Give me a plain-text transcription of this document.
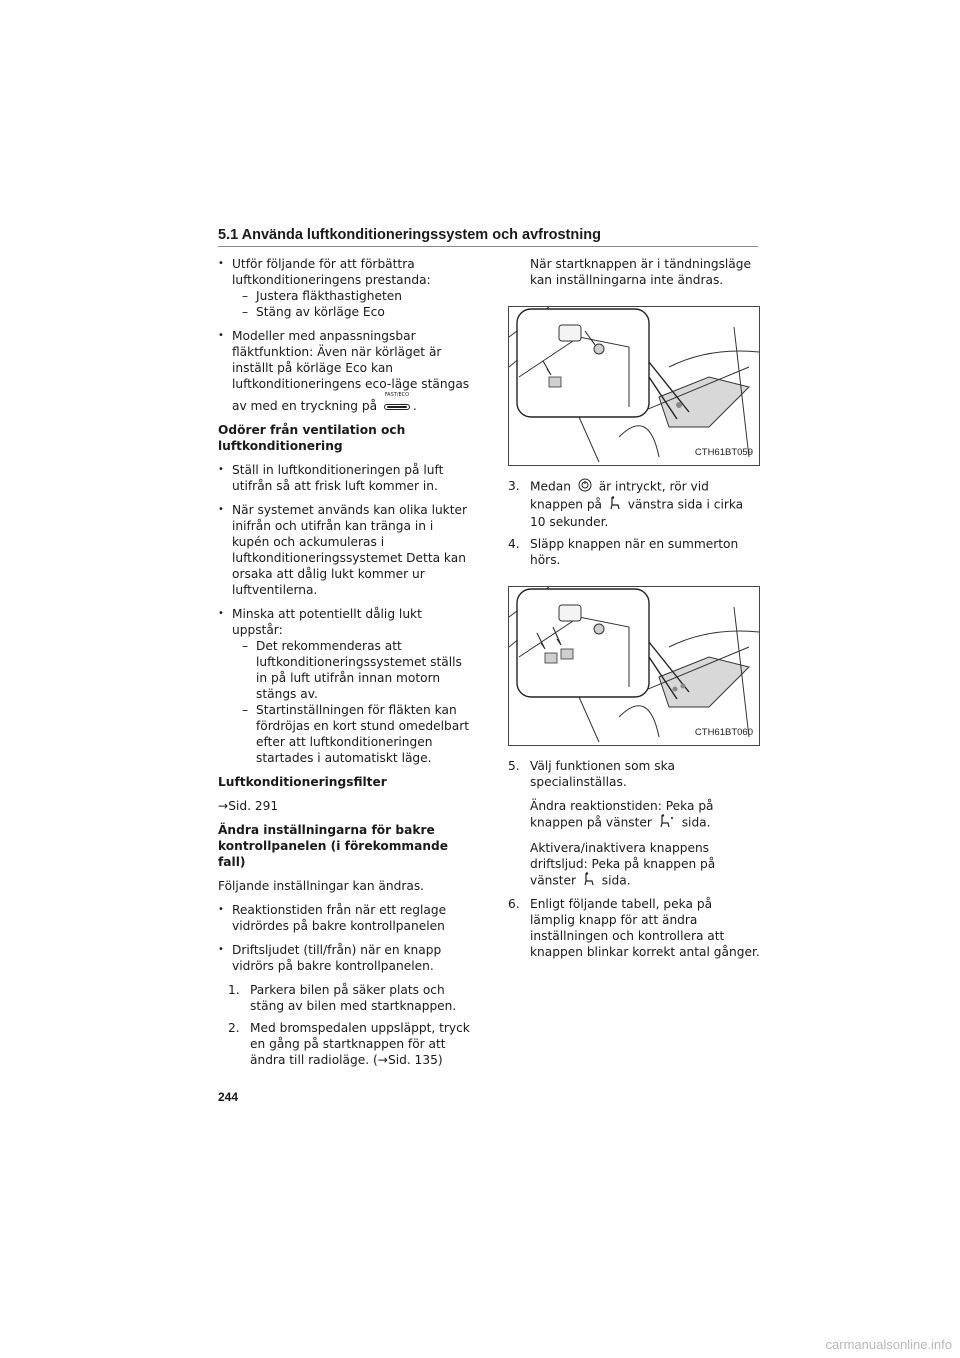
5.1 Använda luftkonditioneringssystem och avfrostning
• Utför följande för att förbättra luftkonditioneringens prestanda:
– Justera fläkthastigheten
– Stäng av körläge Eco
• Modeller med anpassningsbar fläktfunktion: Även när körläget är inställt på körläge Eco kan luftkonditioneringens eco-läge stängas av med en tryckning på
FAST/ECO
.
Odörer från ventilation och luftkonditionering
• Ställ in luftkonditioneringen på luft utifrån så att frisk luft kommer in.
• När systemet används kan olika lukter inifrån och utifrån kan tränga in i kupén och ackumuleras i luftkonditioneringssystemet Detta kan orsaka att dålig lukt kommer ur luftventilerna.
• Minska att potentiellt dålig lukt uppstår:
– Det rekommenderas att luftkonditioneringssystemet ställs in på luft utifrån innan motorn stängs av.
– Startinställningen för fläkten kan fördröjas en kort stund omedelbart efter att luftkonditioneringen startades i automatiskt läge.
Luftkonditioneringsfilter
→Sid. 291
Ändra inställningarna för bakre kontrollpanelen (i förekommande fall)
Följande inställningar kan ändras.
• Reaktionstiden från när ett reglage vidrördes på bakre kontrollpanelen
• Driftsljudet (till/från) när en knapp vidrörs på bakre kontrollpanelen.
1. Parkera bilen på säker plats och stäng av bilen med startknappen.
2. Med bromspedalen uppsläppt, tryck en gång på startknappen för att ändra till radioläge. (→Sid. 135)
När startknappen är i tändningsläge kan inställningarna inte ändras.
CTH61BT059
3. Medan är intryckt, rör vid knappen på vänstra sida i cirka 10 sekunder.
4. Släpp knappen när en summerton hörs.
CTH61BT060
5. Välj funktionen som ska specialinställas.
Ändra reaktionstiden: Peka på knappen på vänster sida.
Aktivera/inaktivera knappens driftsljud: Peka på knappen på vänster sida.
6. Enligt följande tabell, peka på lämplig knapp för att ändra inställningen och kontrollera att knappen blinkar korrekt antal gånger.
244
carmanualsonline.info
